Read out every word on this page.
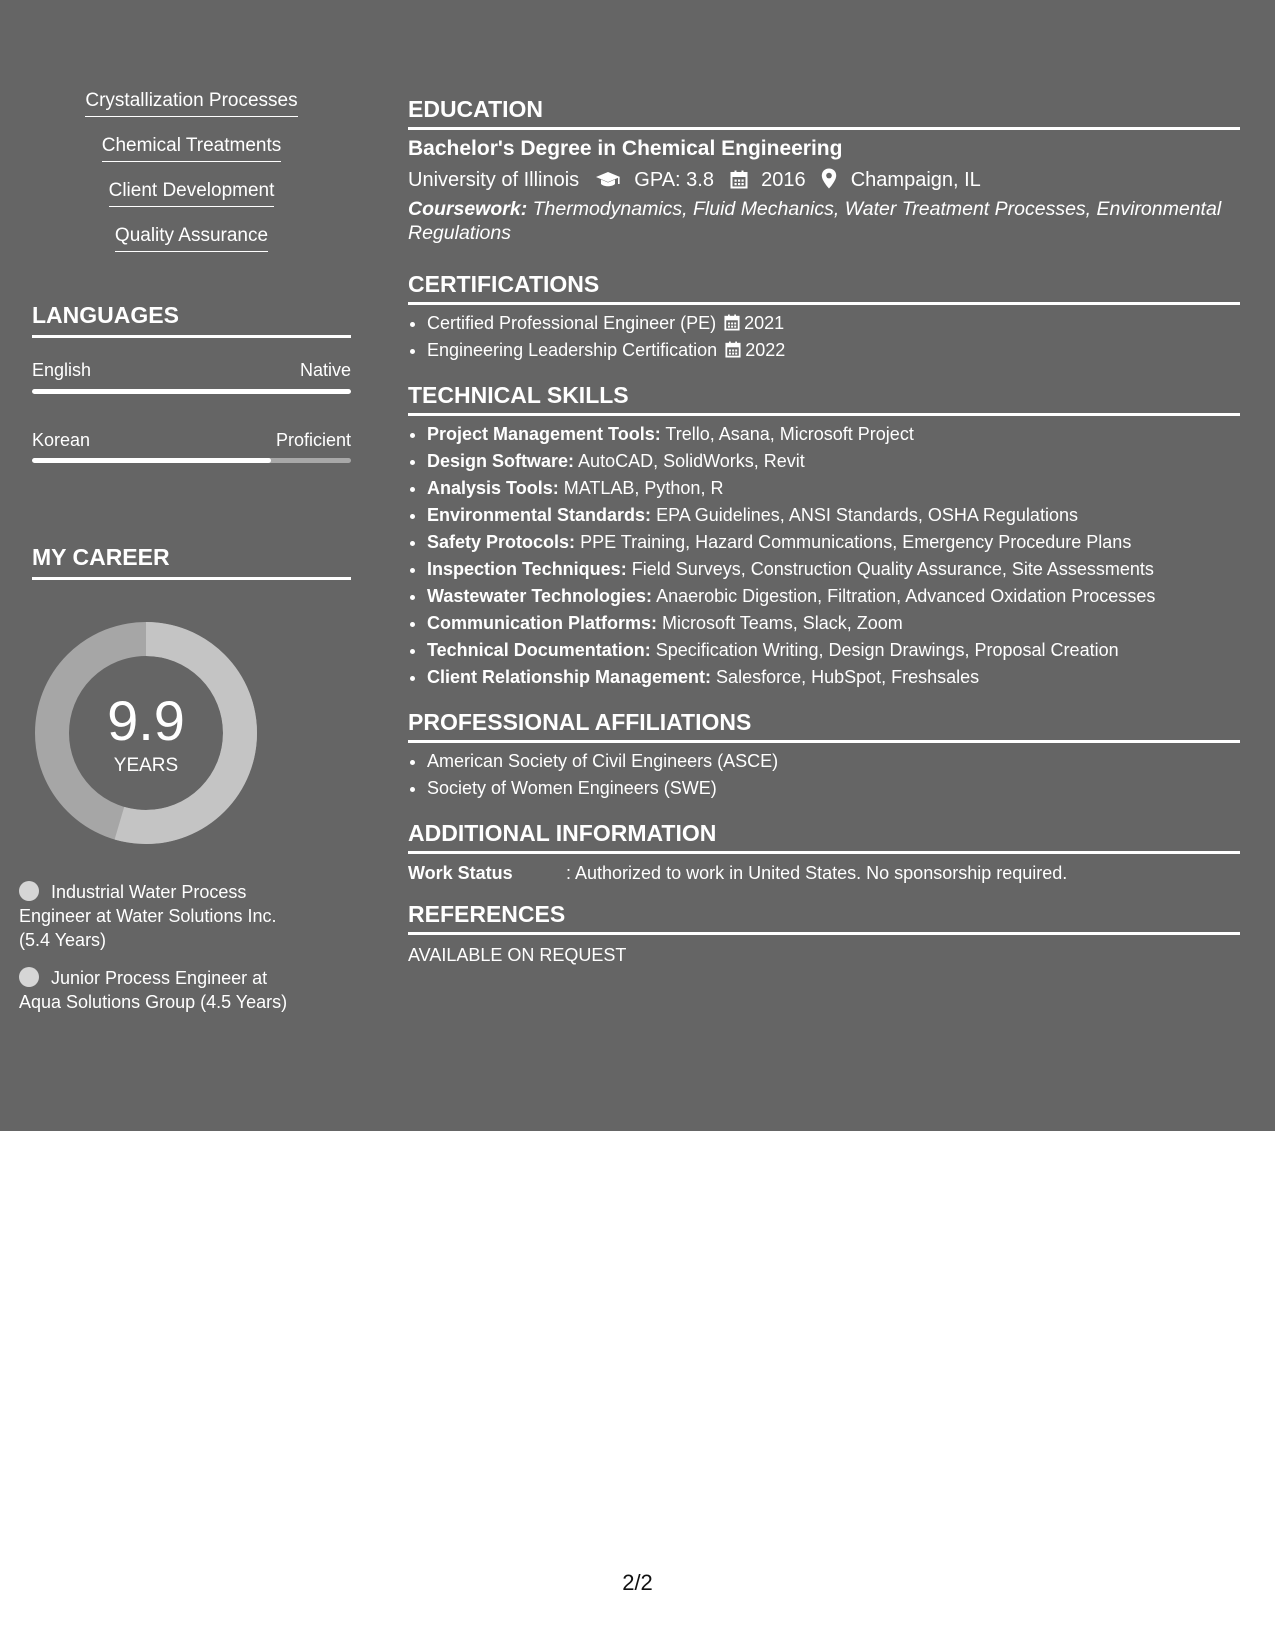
Crystallization Processes
Chemical Treatments
Client Development
Quality Assurance
LANGUAGES
English	Native
Korean	Proficient
MY CAREER
9.9
YEARS
Industrial Water Process Engineer at Water Solutions Inc. (5.4 Years)
Junior Process Engineer at Aqua Solutions Group (4.5 Years)
EDUCATION
Bachelor's Degree in Chemical Engineering
University of Illinois	GPA: 3.8 2016 Champaign, IL
Coursework: Thermodynamics, Fluid Mechanics, Water Treatment Processes, Environmental Regulations
CERTIFICATIONS
• Certified Professional Engineer (PE) 2021
• Engineering Leadership Certification 2022
TECHNICAL SKILLS
• Project Management Tools: Trello, Asana, Microsoft Project
• Design Software: AutoCAD, SolidWorks, Revit
• Analysis Tools: MATLAB, Python, R
• Environmental Standards: EPA Guidelines, ANSI Standards, OSHA Regulations
• Safety Protocols: PPE Training, Hazard Communications, Emergency Procedure Plans
• Inspection Techniques: Field Surveys, Construction Quality Assurance, Site Assessments
• Wastewater Technologies: Anaerobic Digestion, Filtration, Advanced Oxidation Processes
• Communication Platforms: Microsoft Teams, Slack, Zoom
• Technical Documentation: Specification Writing, Design Drawings, Proposal Creation
• Client Relationship Management: Salesforce, HubSpot, Freshsales
PROFESSIONAL AFFILIATIONS
• American Society of Civil Engineers (ASCE)
• Society of Women Engineers (SWE)
ADDITIONAL INFORMATION
Work Status	: Authorized to work in United States. No sponsorship required.
REFERENCES
AVAILABLE ON REQUEST
2/2
